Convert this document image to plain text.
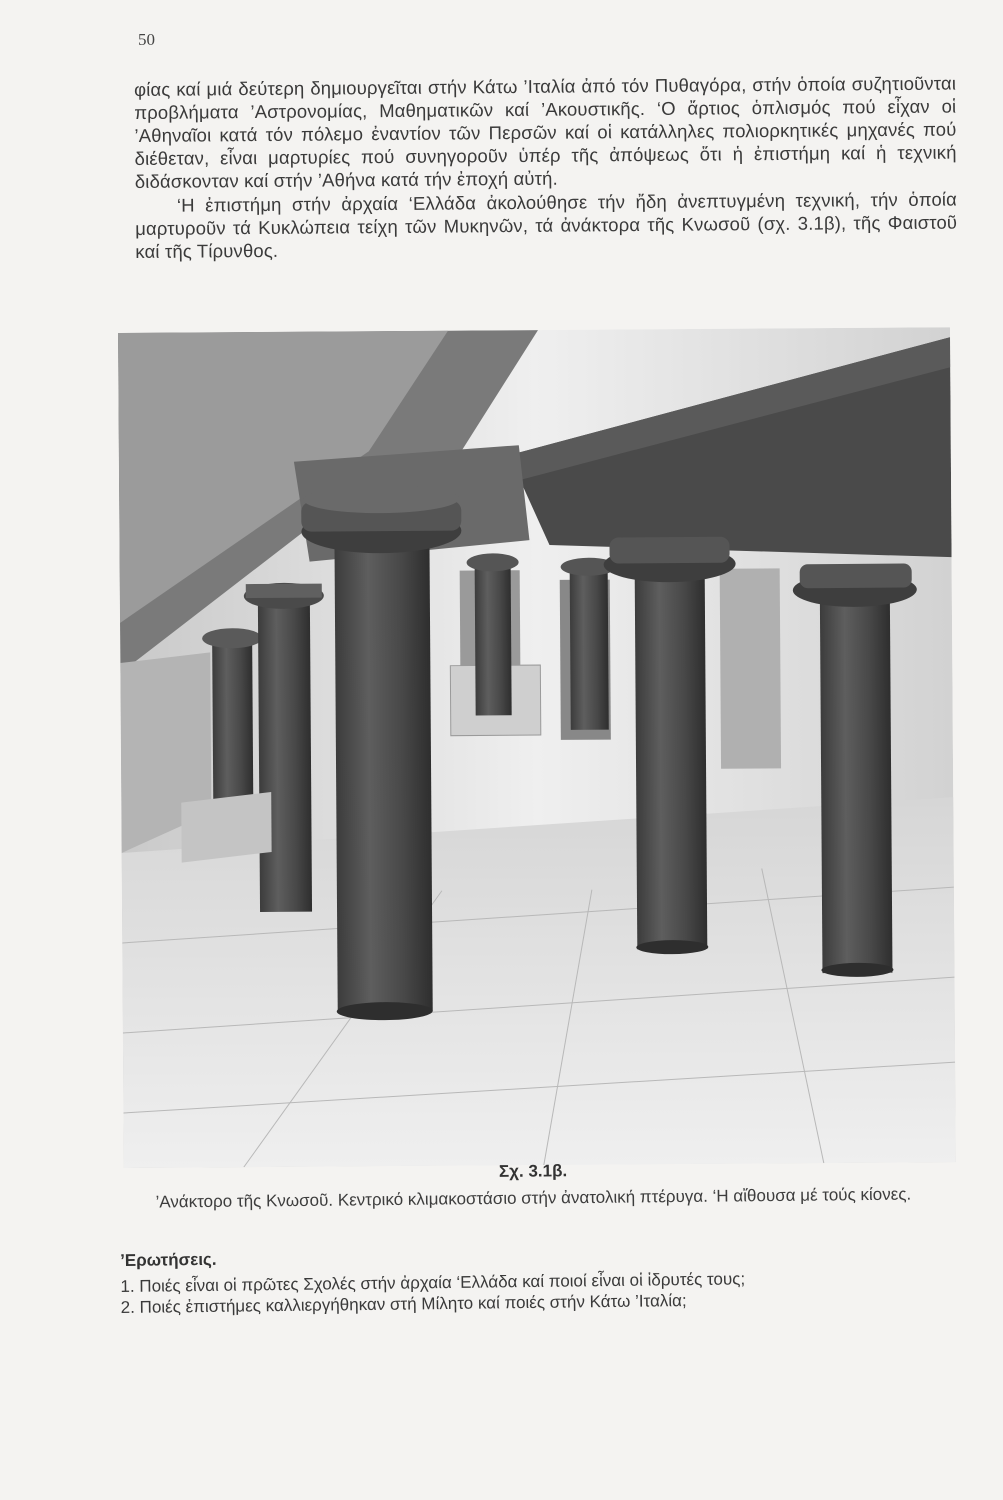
50

φίας καί μιά δεύτερη δημιουργεῖται στήν Κάτω ’Ιταλία ἀπό τόν Πυθαγόρα, στήν ὁποία συζητιοῦνται προβλήματα ’Αστρονομίας, Μαθηματικῶν καί ’Ακουστικῆς. ‘Ο ἄρτιος ὁπλισμός πού εἶχαν οἱ ’Αθηναῖοι κατά τόν πόλεμο ἐναντίον τῶν Περσῶν καί οἱ κατάλληλες πολιορκητικές μηχανές πού διέθεταν, εἶναι μαρτυρίες πού συνηγοροῦν ὑπέρ τῆς ἀπόψεως ὅτι ἡ ἐπιστήμη καί ἡ τεχνική διδάσκονταν καί στήν ’Αθήνα κατά τήν ἐποχή αὐτή.

‘Η ἐπιστήμη στήν ἀρχαία ‘Ελλάδα ἀκολούθησε τήν ἤδη ἀνεπτυγμένη τεχνική, τήν ὁποία μαρτυροῦν τά Κυκλώπεια τείχη τῶν Μυκηνῶν, τά ἀνάκτορα τῆς Κνωσοῦ (σχ. 3.1β), τῆς Φαιστοῦ καί τῆς Τίρυνθος.

Σχ. 3.1β.
’Ανάκτορο τῆς Κνωσοῦ. Κεντρικό κλιμακοστάσιο στήν ἀνατολική πτέρυγα. ‘Η αἴθουσα μέ τούς κίονες.
’Ερωτήσεις.
1. Ποιές εἶναι οἱ πρῶτες Σχολές στήν ἀρχαία ‘Ελλάδα καί ποιοί εἶναι οἱ ἱδρυτές τους;
2. Ποιές ἐπιστήμες καλλιεργήθηκαν στή Μίλητο καί ποιές στήν Κάτω ’Ιταλία;
